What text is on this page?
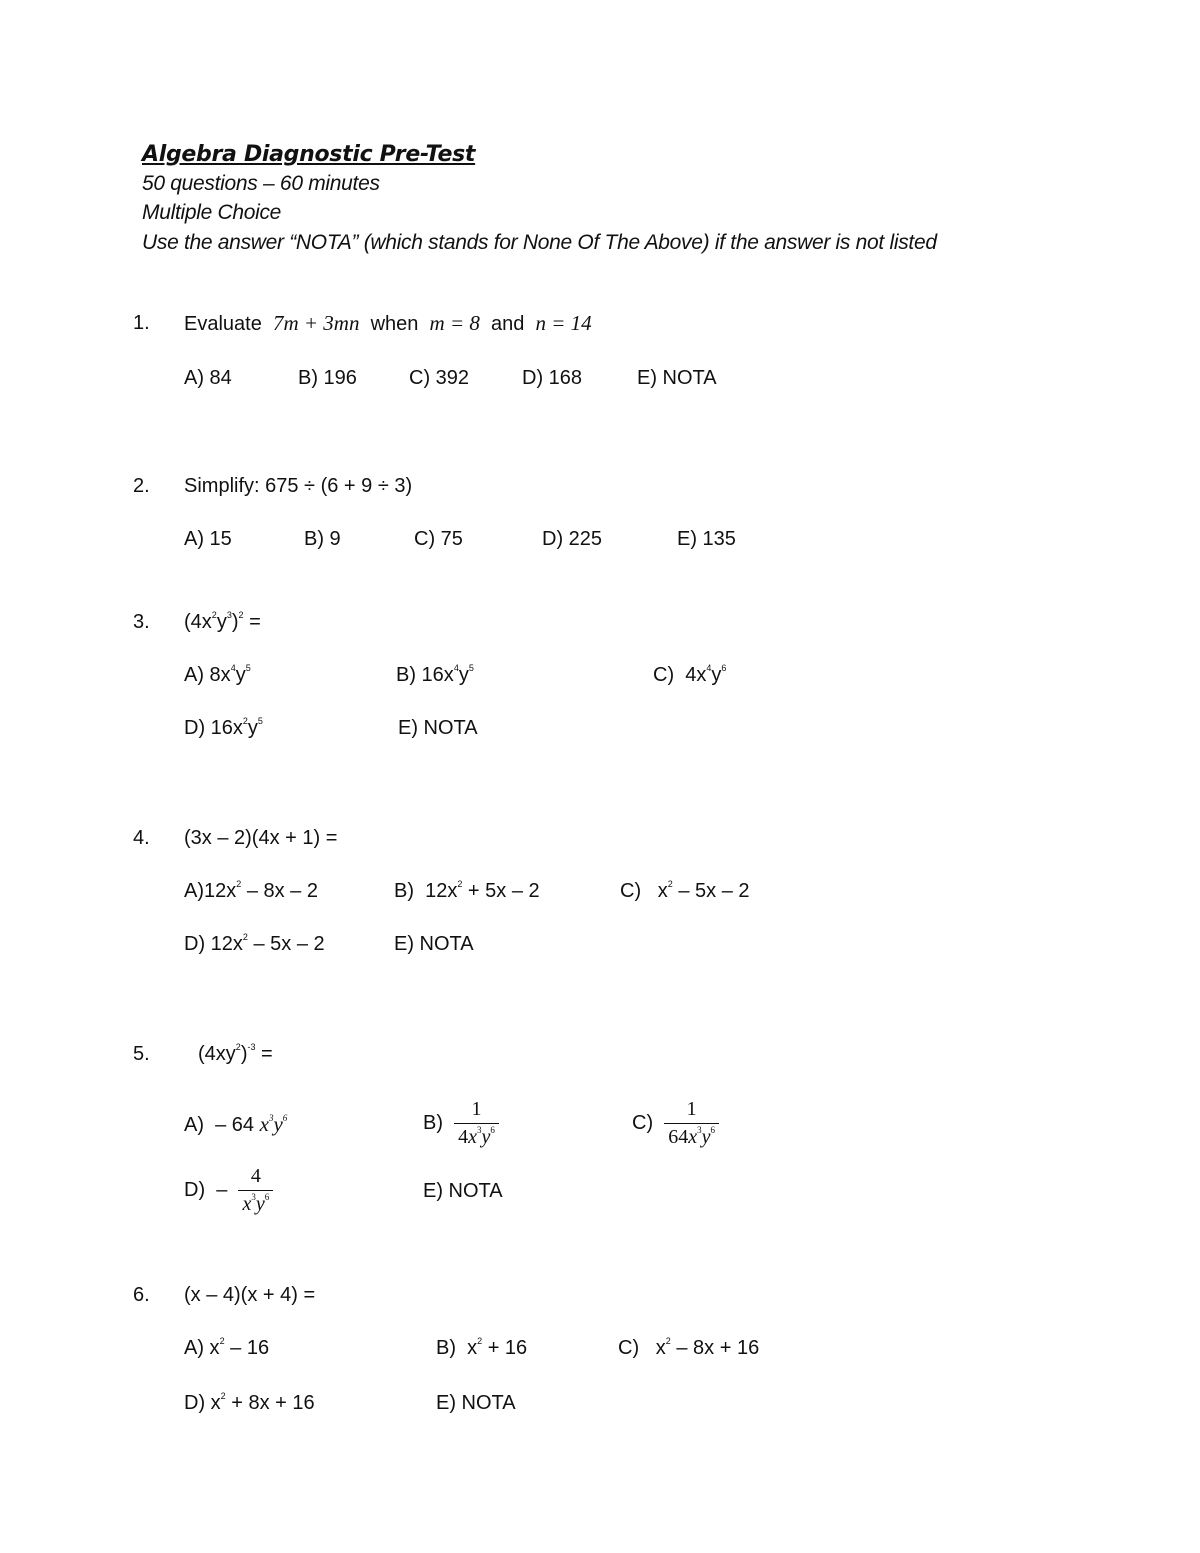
Algebra Diagnostic Pre-Test
50 questions – 60 minutes
Multiple Choice
Use the answer “NOTA” (which stands for None Of The Above) if the answer is not listed
1. Evaluate 7m + 3mn when m = 8 and n = 14
A) 84	B) 196	C) 392	D) 168	E) NOTA
2. Simplify: 675 ÷ (6 + 9 ÷ 3)
A) 15	B) 9	C) 75	D) 225	E) 135
3. $(4x^2y^3)^2$ =
A) $8x^4y^5$	B) $16x^4y^5$	C)  $4x^4y^6$
D) $16x^2y^5$	E) NOTA
4. (3x – 2)(4x + 1) =
$A)12x^2 - 8x - 2$	B)  $12x^2 + 5x - 2$	C)   $x^2 - 5x - 2$
D) $12x^2 - 5x - 2$	E) NOTA
5. $(4xy^2)^{-3}$ =
A)  – 64 $x^3y^6$	$B) \frac{1}{4x^3y^6}$	$C) \frac{1}{64x^3y^6}$
$D) - \frac{4}{x^3y^6}$	E) NOTA
6. (x – 4)(x + 4) =
A) $x^2 - 16$	B)  $x^2 + 16$	C)   $x^2 - 8x + 16$
D) $x^2 + 8x + 16$	E) NOTA
